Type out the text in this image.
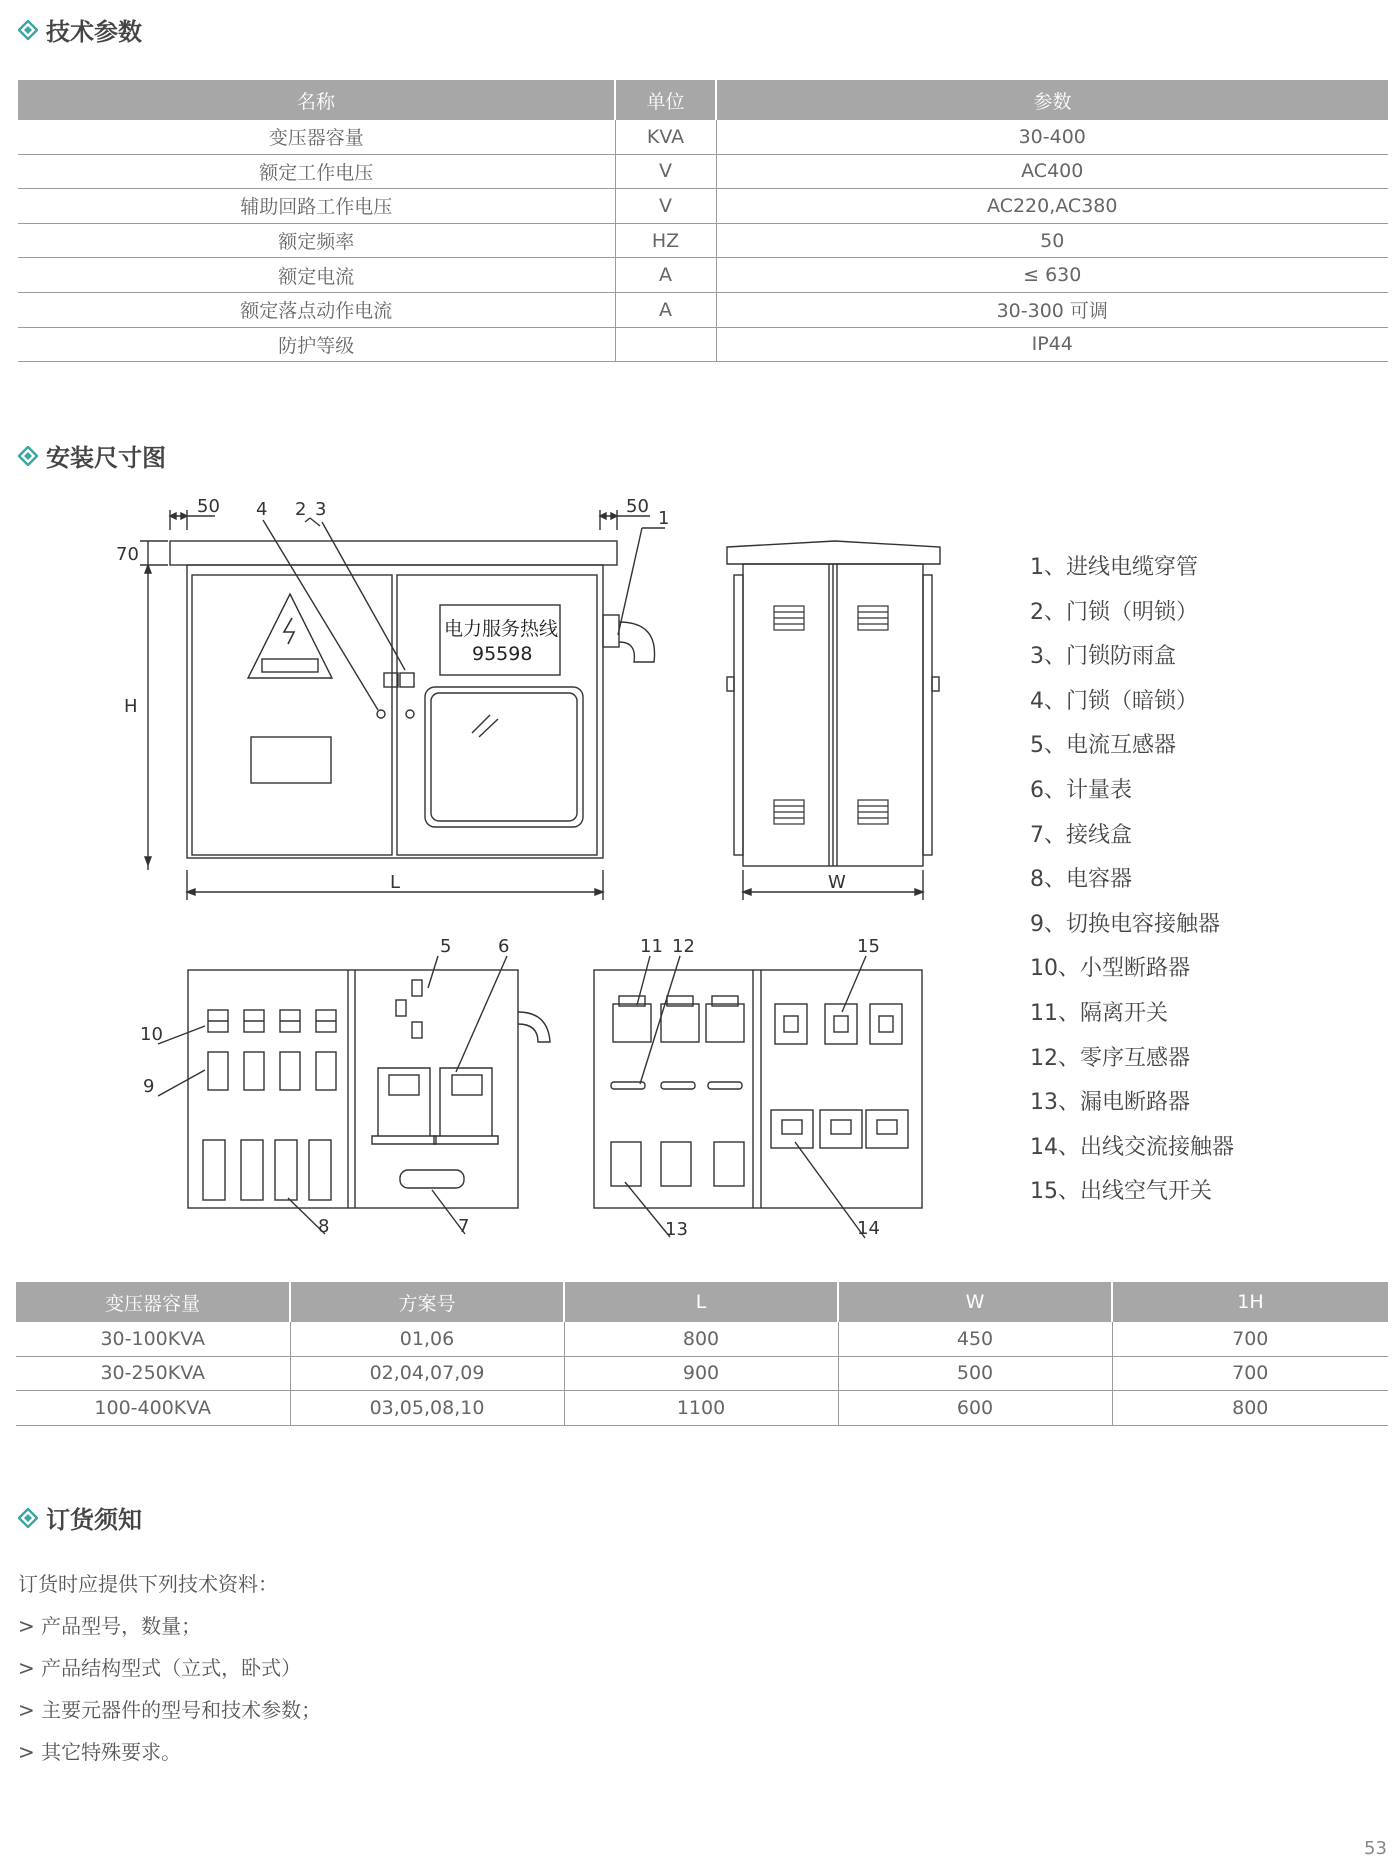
技术参数
名称	单位	参数
变压器容量	KVA	30-400
额定工作电压	V	AC400
辅助回路工作电压	V	AC220,AC380
额定频率	HZ	50
额定电流	A	≤ 630
额定落点动作电流	A	30-300 可调
防护等级		IP44
安装尺寸图
50	50
70
H
L
电力服务热线
95598
4 2 3	1
W
5	6
10
9
8	7
11 12	15
13	14
1、进线电缆穿管
2、门锁（明锁）
3、门锁防雨盒
4、门锁（暗锁）
5、电流互感器
6、计量表
7、接线盒
8、电容器
9、切换电容接触器
10、小型断路器
11、隔离开关
12、零序互感器
13、漏电断路器
14、出线交流接触器
15、出线空气开关
变压器容量	方案号	L	W	1H
30-100KVA	01,06	800	450	700
30-250KVA	02,04,07,09	900	500	700
100-400KVA	03,05,08,10	1100	600	800
订货须知
订货时应提供下列技术资料：
> 产品型号，数量；
> 产品结构型式（立式，卧式）
> 主要元器件的型号和技术参数；
> 其它特殊要求。
53
